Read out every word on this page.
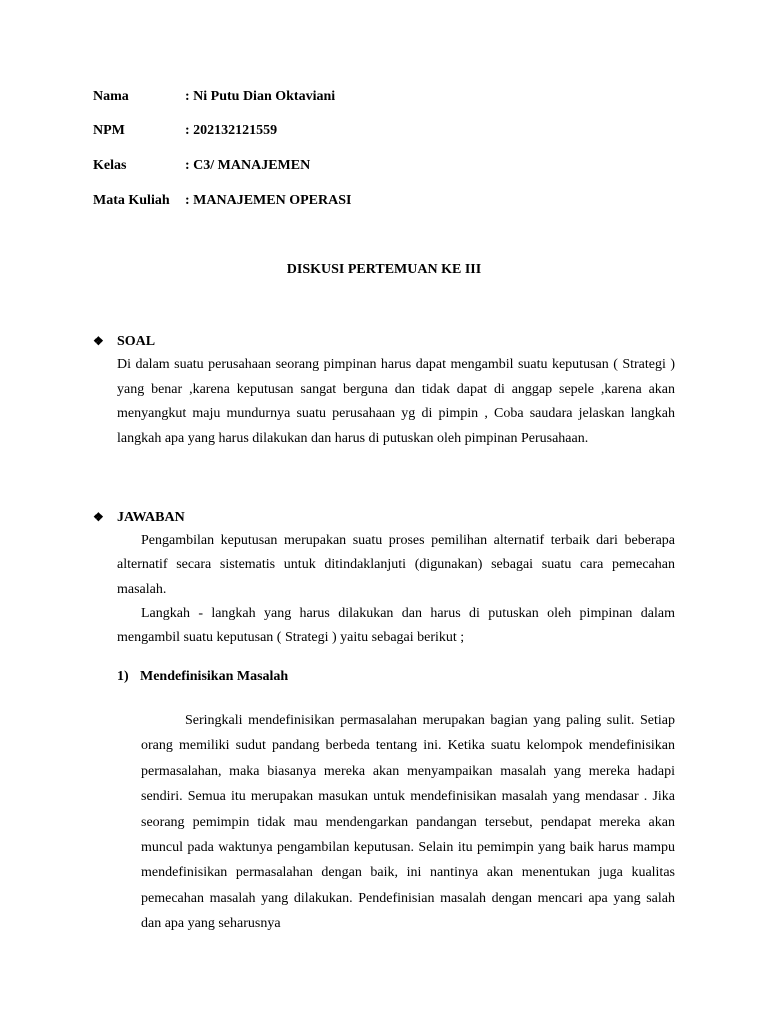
Nama	: Ni Putu Dian Oktaviani
NPM	: 202132121559
Kelas	: C3/ MANAJEMEN
Mata Kuliah : MANAJEMEN OPERASI
DISKUSI PERTEMUAN KE III
❖ SOAL

Di dalam suatu perusahaan seorang pimpinan harus dapat mengambil suatu keputusan ( Strategi ) yang benar ,karena keputusan sangat berguna dan tidak dapat di anggap sepele ,karena akan menyangkut maju mundurnya suatu perusahaan yg di pimpin , Coba saudara jelaskan langkah langkah apa yang harus dilakukan dan harus di putuskan oleh pimpinan Perusahaan.

❖ JAWABAN

Pengambilan keputusan merupakan suatu proses pemilihan alternatif terbaik dari beberapa alternatif secara sistematis untuk ditindaklanjuti (digunakan) sebagai suatu cara pemecahan masalah.

Langkah - langkah yang harus dilakukan dan harus di putuskan oleh pimpinan dalam mengambil suatu keputusan ( Strategi ) yaitu sebagai berikut ;

1) Mendefinisikan Masalah

Seringkali mendefinisikan permasalahan merupakan bagian yang paling sulit. Setiap orang memiliki sudut pandang berbeda tentang ini. Ketika suatu kelompok mendefinisikan permasalahan, maka biasanya mereka akan menyampaikan masalah yang mereka hadapi sendiri. Semua itu merupakan masukan untuk mendefinisikan masalah yang mendasar . Jika seorang pemimpin tidak mau mendengarkan pandangan tersebut, pendapat mereka akan muncul pada waktunya pengambilan keputusan. Selain itu pemimpin yang baik harus mampu mendefinisikan permasalahan dengan baik, ini nantinya akan menentukan juga kualitas pemecahan masalah yang dilakukan. Pendefinisian masalah dengan mencari apa yang salah dan apa yang seharusnya
